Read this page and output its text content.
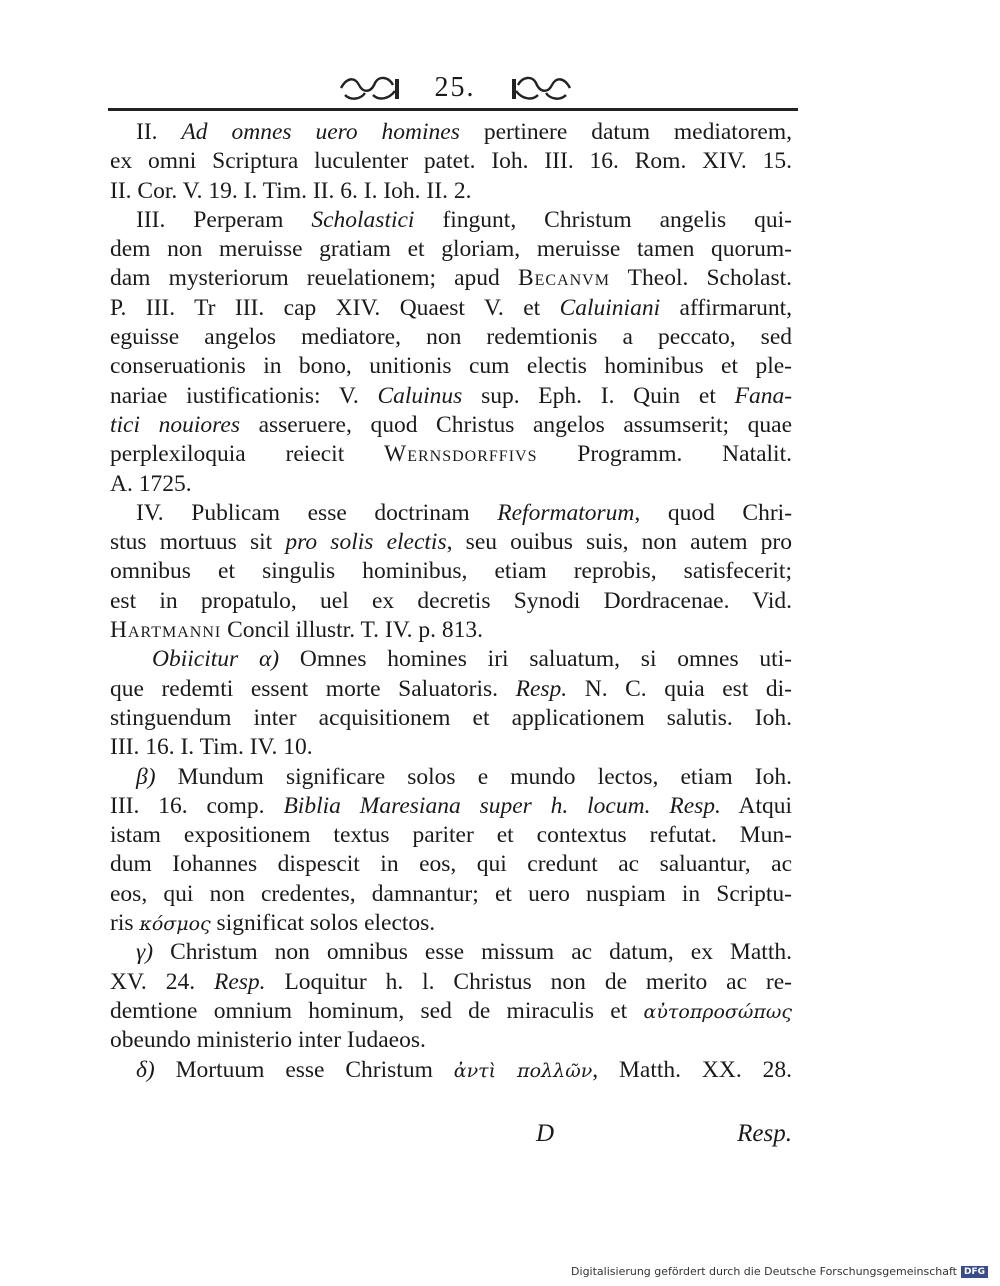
25.
II. Ad omnes uero homines pertinere datum mediatorem,
ex omni Scriptura luculenter patet. Ioh. III. 16. Rom. XIV. 15.
II. Cor. V. 19. I. Tim. II. 6. I. Ioh. II. 2.
III. Perperam Scholastici fingunt, Christum angelis qui-
dem non meruisse gratiam et gloriam, meruisse tamen quorum-
dam mysteriorum reuelationem; apud Becanvm Theol. Scholast.
P. III. Tr III. cap XIV. Quaest V. et Caluiniani affirmarunt,
eguisse angelos mediatore, non redemtionis a peccato, sed
conseruationis in bono, unitionis cum electis hominibus et ple-
nariae iustificationis: V. Caluinus sup. Eph. I. Quin et Fana-
tici nouiores asseruere, quod Christus angelos assumserit; quae
perplexiloquia reiecit Wernsdorffivs Programm. Natalit.
A. 1725.
IV. Publicam esse doctrinam Reformatorum, quod Chri-
stus mortuus sit pro solis electis, seu ouibus suis, non autem pro
omnibus et singulis hominibus, etiam reprobis, satisfecerit;
est in propatulo, uel ex decretis Synodi Dordracenae. Vid.
Hartmanni Concil illustr. T. IV. p. 813.
Obiicitur α) Omnes homines iri saluatum, si omnes uti-
que redemti essent morte Saluatoris. Resp. N. C. quia est di-
stinguendum inter acquisitionem et applicationem salutis. Ioh.
III. 16. I. Tim. IV. 10.
β) Mundum significare solos e mundo lectos, etiam Ioh.
III. 16. comp. Biblia Maresiana super h. locum. Resp. Atqui
istam expositionem textus pariter et contextus refutat. Mun-
dum Iohannes dispescit in eos, qui credunt ac saluantur, ac
eos, qui non credentes, damnantur; et uero nuspiam in Scriptu-
ris κόσμος significat solos electos.
γ) Christum non omnibus esse missum ac datum, ex Matth.
XV. 24. Resp. Loquitur h. l. Christus non de merito ac re-
demtione omnium hominum, sed de miraculis et αὐτοπροσώπως
obeundo ministerio inter Iudaeos.
δ) Mortuum esse Christum ἀντὶ πολλῶν, Matth. XX. 28.
D	Resp.
Digitalisierung gefördert durch die Deutsche Forschungsgemeinschaft DFG
